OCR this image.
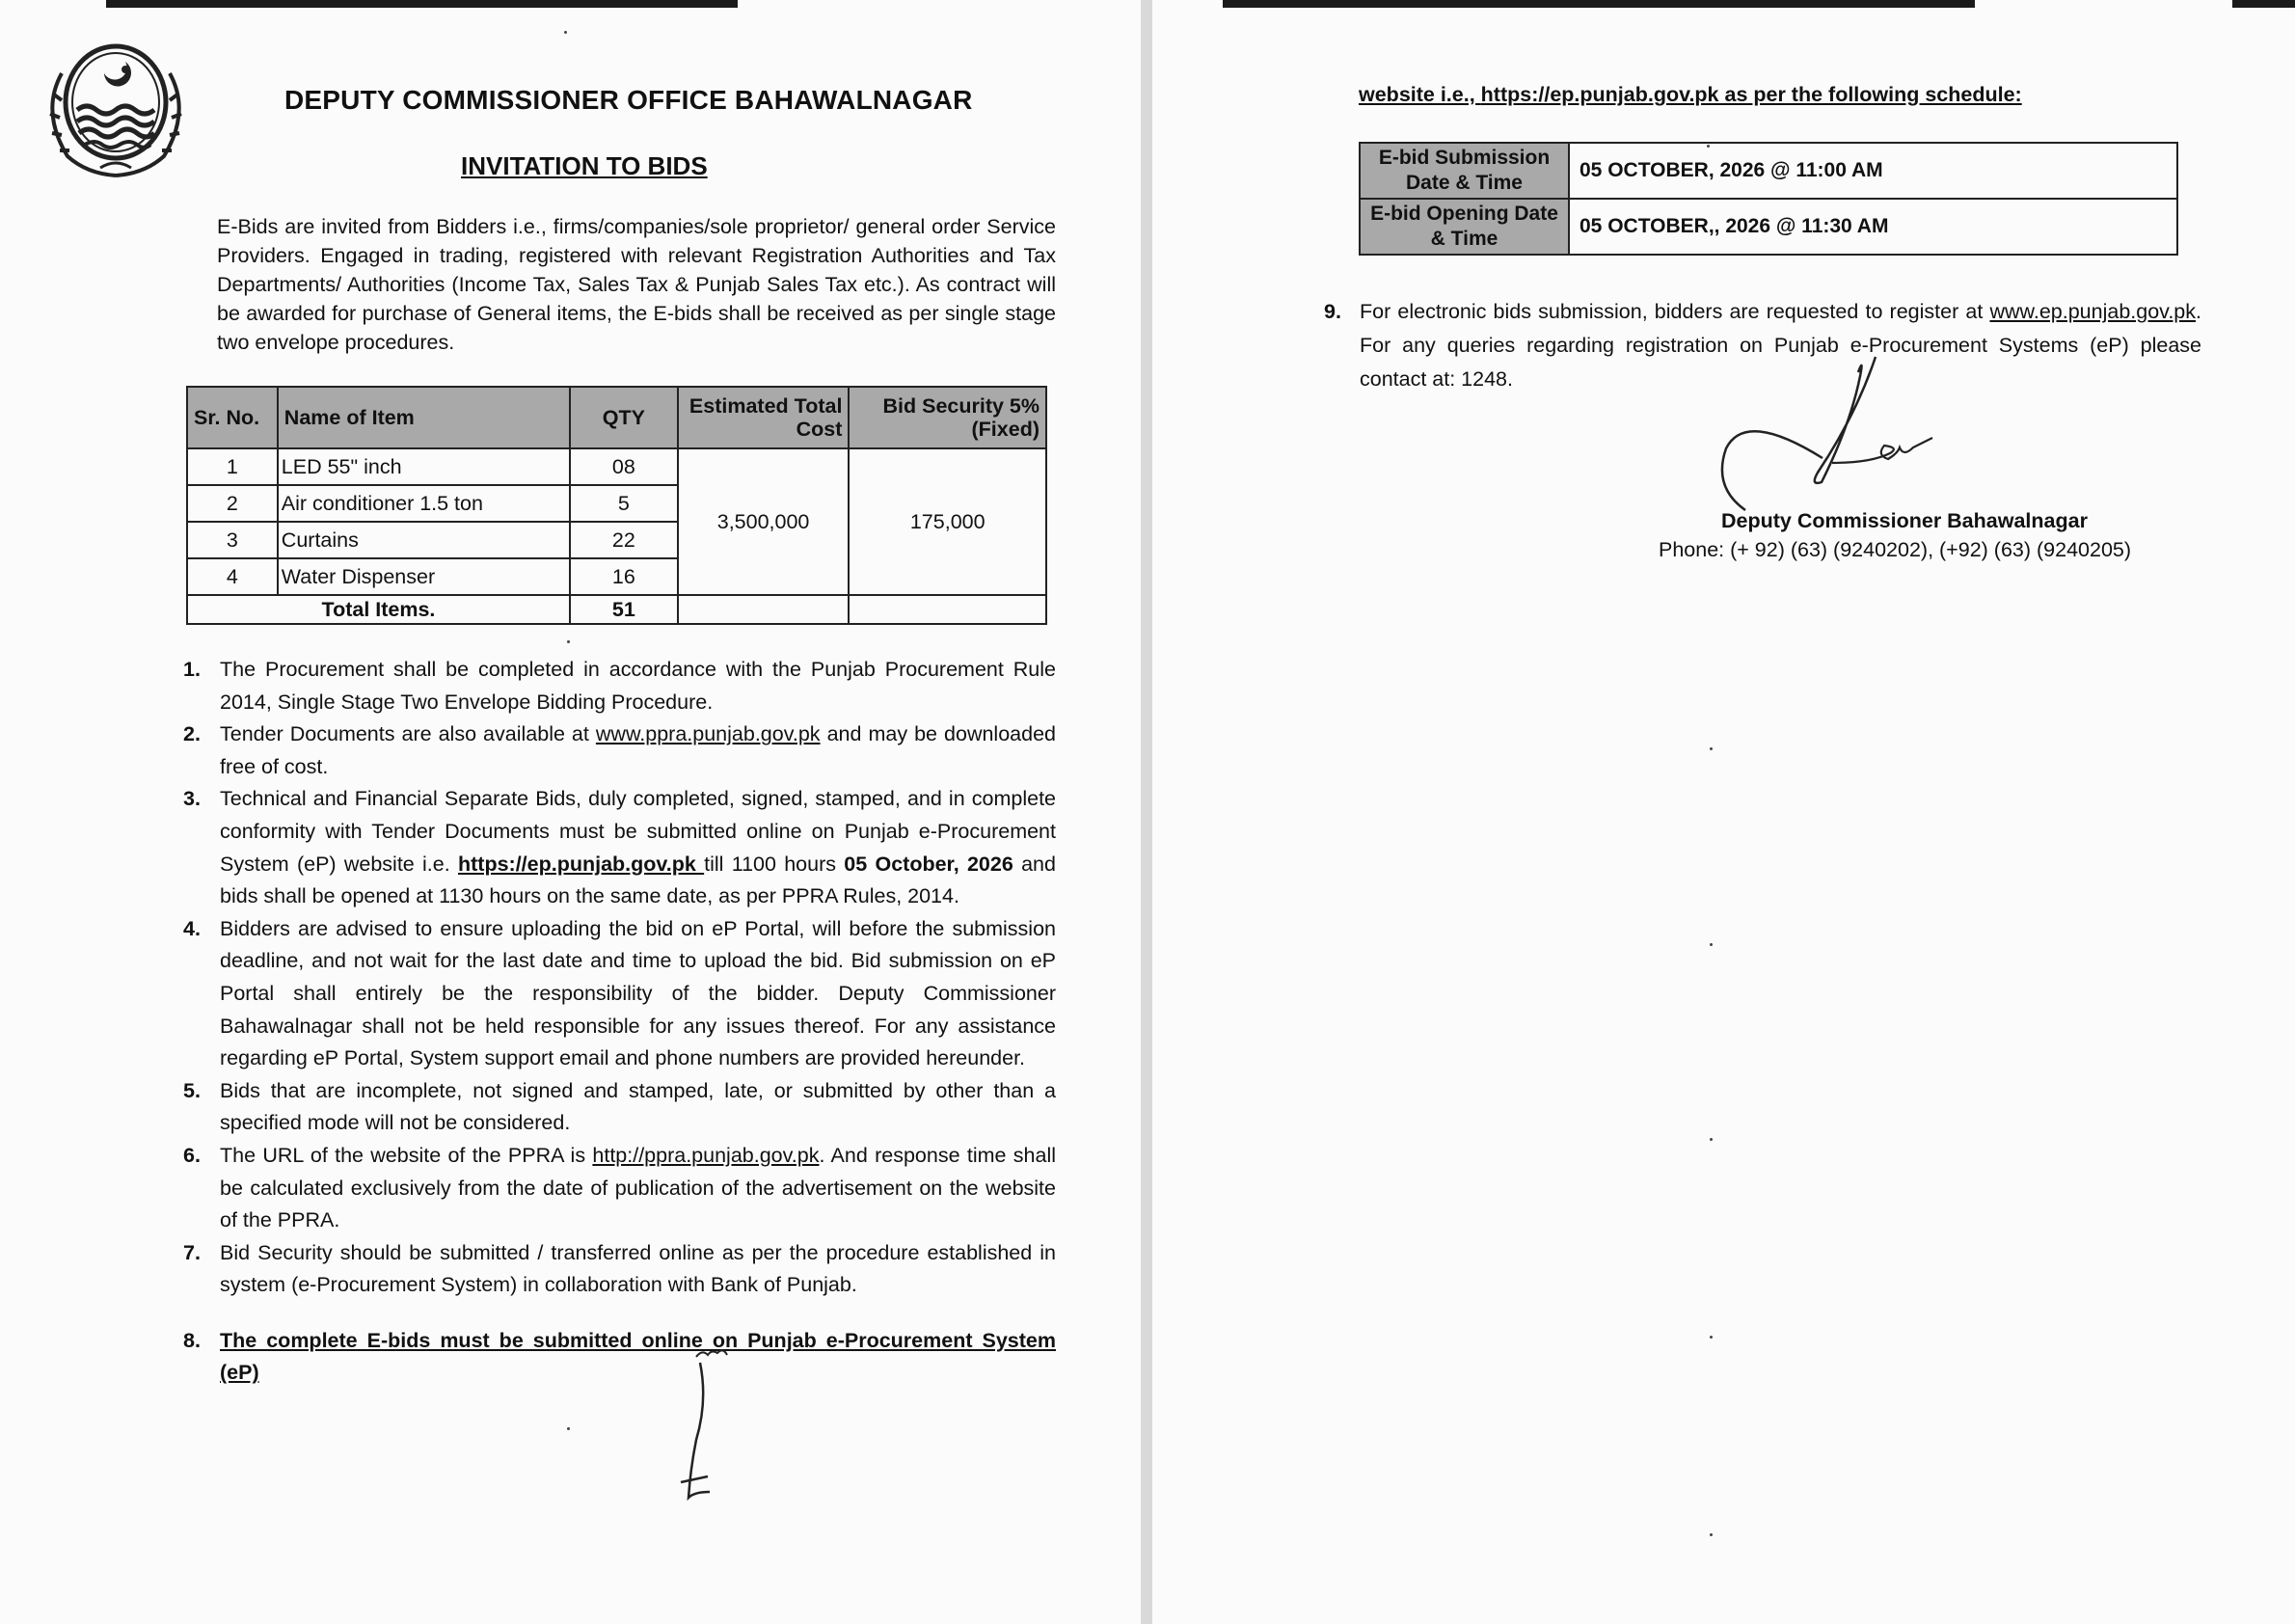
DEPUTY COMMISSIONER OFFICE BAHAWALNAGAR
INVITATION TO BIDS
E-Bids are invited from Bidders i.e., firms/companies/sole proprietor/ general order Service Providers. Engaged in trading, registered with relevant Registration Authorities and Tax Departments/ Authorities (Income Tax, Sales Tax & Punjab Sales Tax etc.). As contract will be awarded for purchase of General items, the E-bids shall be received as per single stage two envelope procedures.
Sr. No.	Name of Item	QTY	Estimated Total Cost	Bid Security 5% (Fixed)
1	LED 55" inch	08	3,500,000	175,000
2	Air conditioner 1.5 ton	5		
3	Curtains	22		
4	Water Dispenser	16		
Total Items.		51		
1. The Procurement shall be completed in accordance with the Punjab Procurement Rule 2014, Single Stage Two Envelope Bidding Procedure.
2. Tender Documents are also available at www.ppra.punjab.gov.pk and may be downloaded free of cost.
3. Technical and Financial Separate Bids, duly completed, signed, stamped, and in complete conformity with Tender Documents must be submitted online on Punjab e-Procurement System (eP) website i.e. https://ep.punjab.gov.pk till 1100 hours 05 October, 2026 and bids shall be opened at 1130 hours on the same date, as per PPRA Rules, 2014.
4. Bidders are advised to ensure uploading the bid on eP Portal, will before the submission deadline, and not wait for the last date and time to upload the bid. Bid submission on eP Portal shall entirely be the responsibility of the bidder. Deputy Commissioner Bahawalnagar shall not be held responsible for any issues thereof. For any assistance regarding eP Portal, System support email and phone numbers are provided hereunder.
5. Bids that are incomplete, not signed and stamped, late, or submitted by other than a specified mode will not be considered.
6. The URL of the website of the PPRA is http://ppra.punjab.gov.pk. And response time shall be calculated exclusively from the date of publication of the advertisement on the website of the PPRA.
7. Bid Security should be submitted / transferred online as per the procedure established in system (e-Procurement System) in collaboration with Bank of Punjab.
8. The complete E-bids must be submitted online on Punjab e-Procurement System (eP)
website i.e., https://ep.punjab.gov.pk as per the following schedule:
E-bid Submission Date & Time	05 OCTOBER, 2026 @ 11:00 AM
E-bid Opening Date & Time	05 OCTOBER,, 2026 @ 11:30 AM
9. For electronic bids submission, bidders are requested to register at www.ep.punjab.gov.pk. For any queries regarding registration on Punjab e-Procurement Systems (eP) please contact at: 1248.
Deputy Commissioner Bahawalnagar
Phone: (+ 92) (63) (9240202), (+92) (63) (9240205)
